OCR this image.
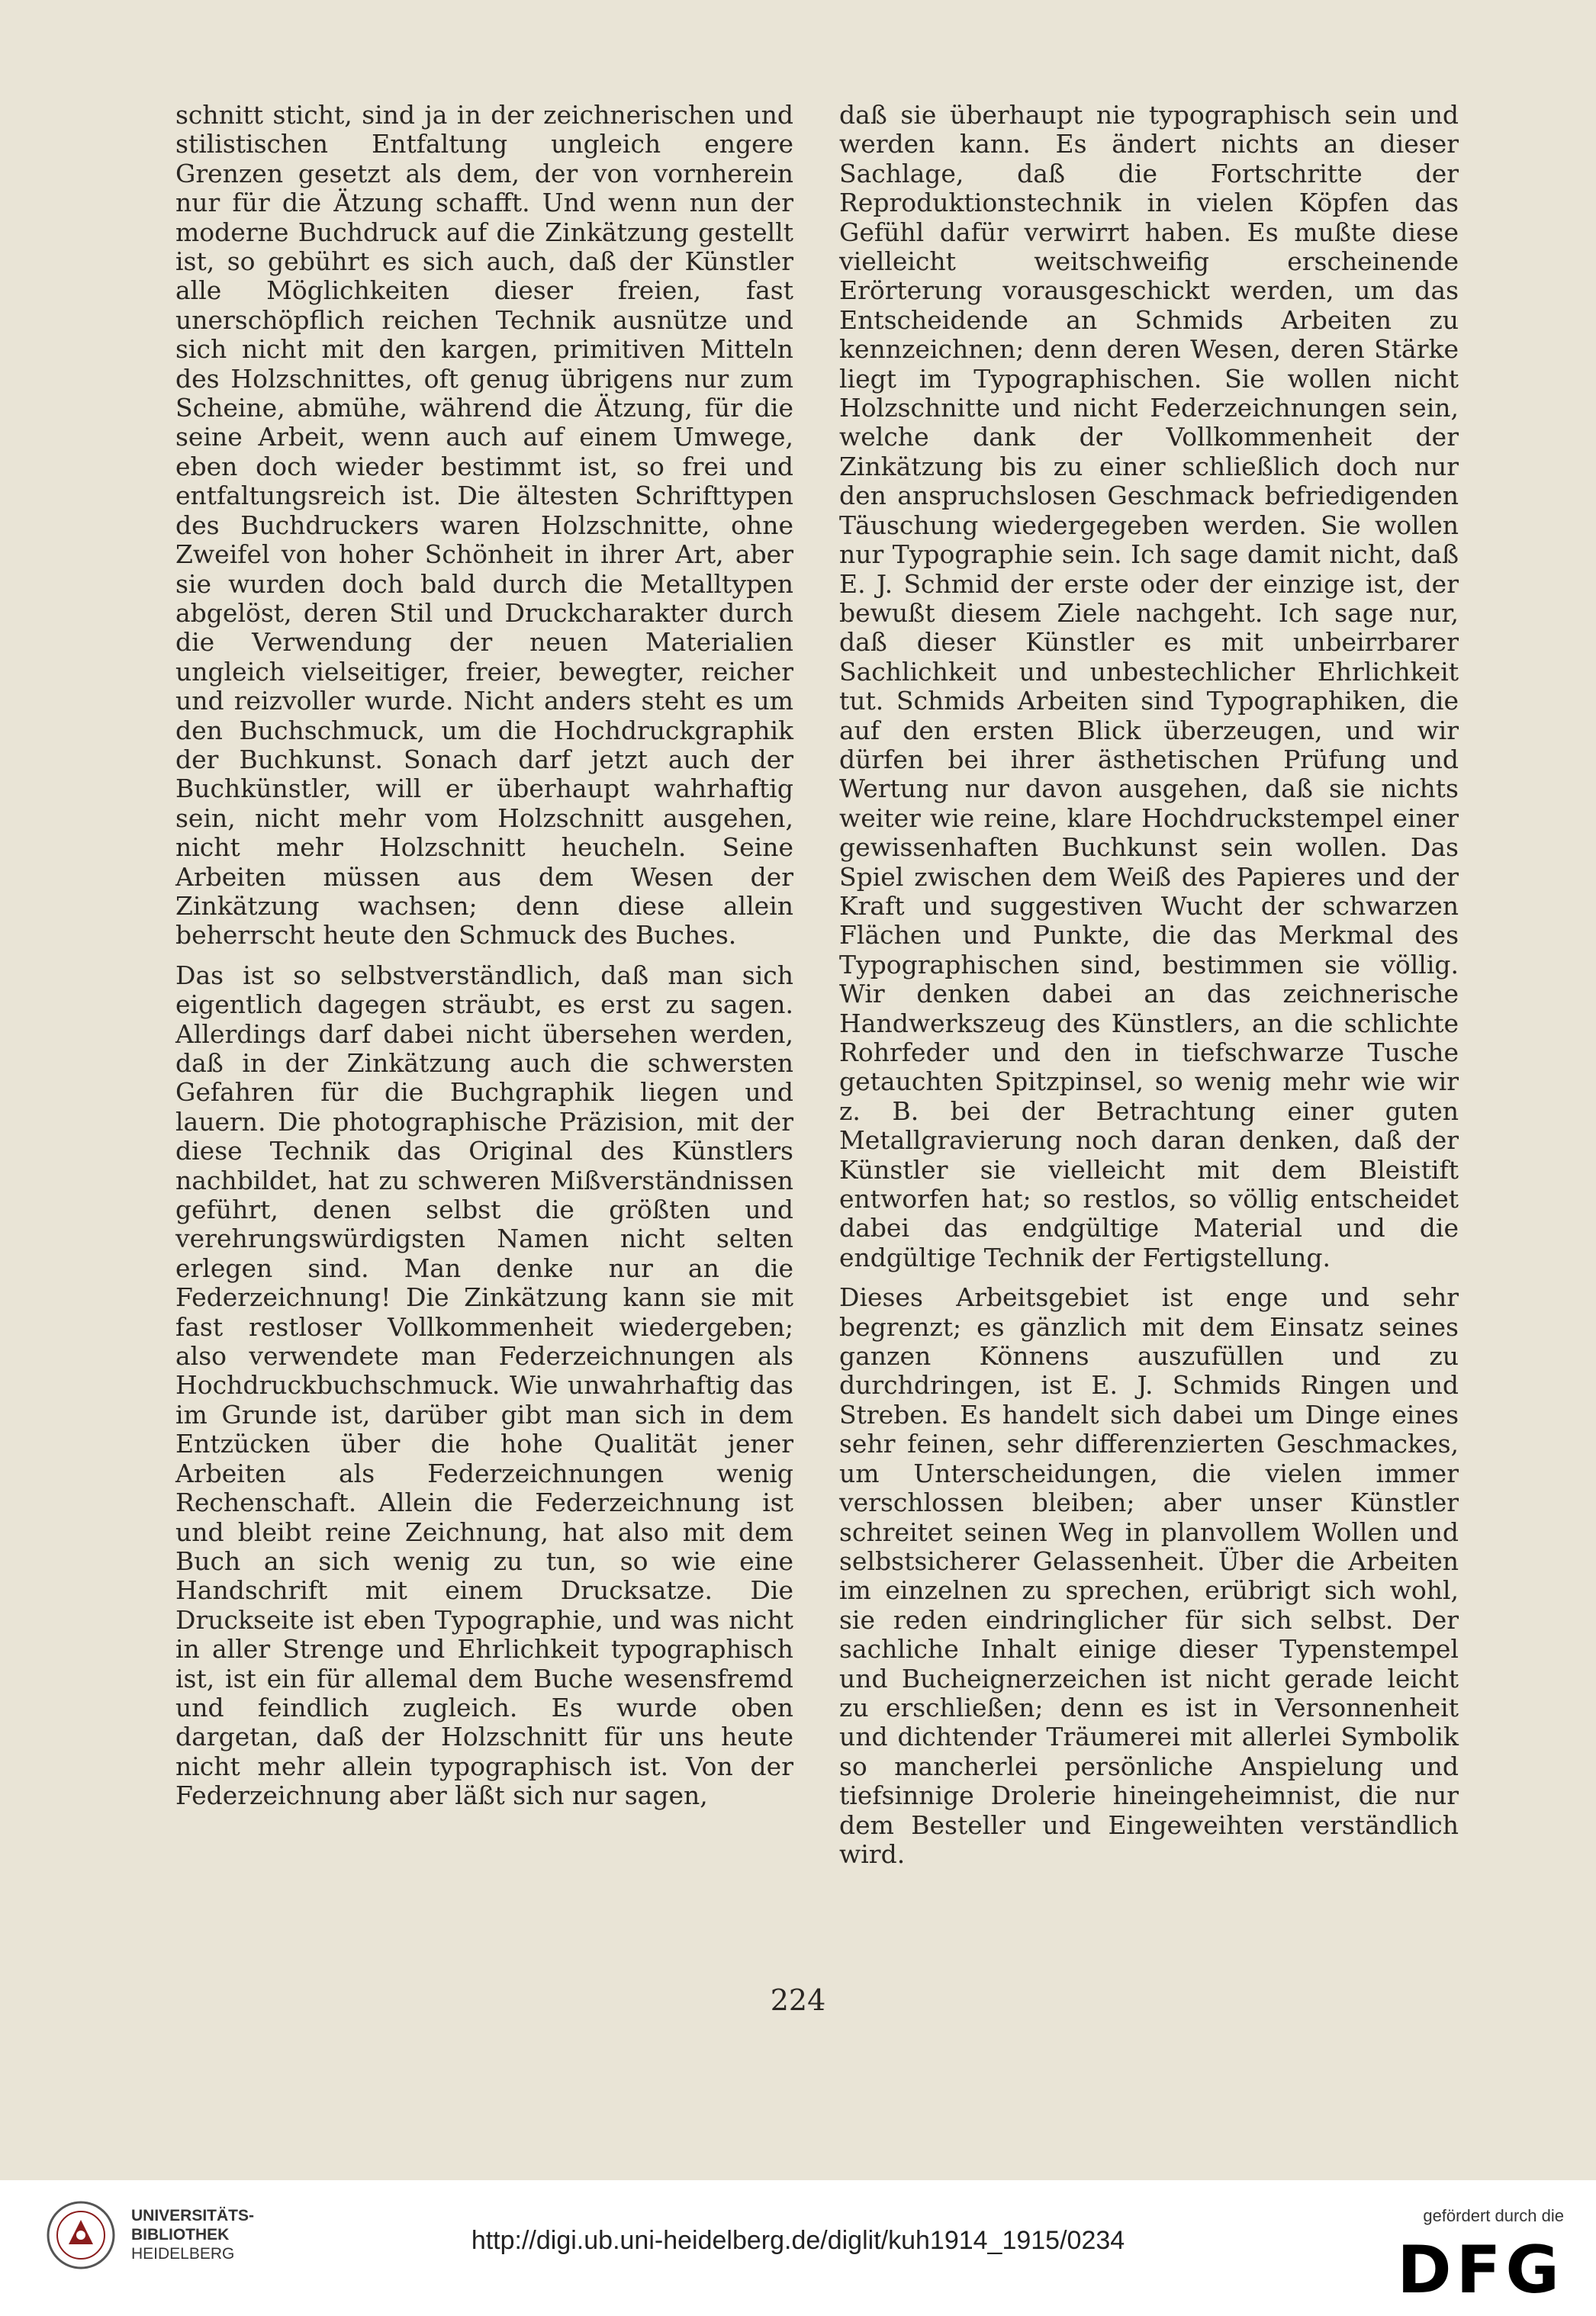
schnitt sticht, sind ja in der zeichnerischen und stilistischen Entfaltung ungleich engere Grenzen gesetzt als dem, der von vornherein nur für die Ätzung schafft. Und wenn nun der moderne Buchdruck auf die Zinkätzung gestellt ist, so gebührt es sich auch, daß der Künstler alle Möglichkeiten dieser freien, fast unerschöpflich reichen Technik ausnütze und sich nicht mit den kargen, primitiven Mitteln des Holzschnittes, oft genug übrigens nur zum Scheine, abmühe, während die Ätzung, für die seine Arbeit, wenn auch auf einem Umwege, eben doch wieder bestimmt ist, so frei und entfaltungsreich ist. Die ältesten Schrifttypen des Buchdruckers waren Holzschnitte, ohne Zweifel von hoher Schönheit in ihrer Art, aber sie wurden doch bald durch die Metalltypen abgelöst, deren Stil und Druckcharakter durch die Verwendung der neuen Materialien ungleich vielseitiger, freier, bewegter, reicher und reizvoller wurde. Nicht anders steht es um den Buchschmuck, um die Hochdruckgraphik der Buchkunst. Sonach darf jetzt auch der Buchkünstler, will er überhaupt wahrhaftig sein, nicht mehr vom Holzschnitt ausgehen, nicht mehr Holzschnitt heucheln. Seine Arbeiten müssen aus dem Wesen der Zinkätzung wachsen; denn diese allein beherrscht heute den Schmuck des Buches.

Das ist so selbstverständlich, daß man sich eigentlich dagegen sträubt, es erst zu sagen. Allerdings darf dabei nicht übersehen werden, daß in der Zinkätzung auch die schwersten Gefahren für die Buchgraphik liegen und lauern. Die photographische Präzision, mit der diese Technik das Original des Künstlers nachbildet, hat zu schweren Mißverständnissen geführt, denen selbst die größten und verehrungswürdigsten Namen nicht selten erlegen sind. Man denke nur an die Federzeichnung! Die Zinkätzung kann sie mit fast restloser Vollkommenheit wiedergeben; also verwendete man Federzeichnungen als Hochdruckbuchschmuck. Wie unwahrhaftig das im Grunde ist, darüber gibt man sich in dem Entzücken über die hohe Qualität jener Arbeiten als Federzeichnungen wenig Rechenschaft. Allein die Federzeichnung ist und bleibt reine Zeichnung, hat also mit dem Buch an sich wenig zu tun, so wie eine Handschrift mit einem Drucksatze. Die Druckseite ist eben Typographie, und was nicht in aller Strenge und Ehrlichkeit typographisch ist, ist ein für allemal dem Buche wesensfremd und feindlich zugleich. Es wurde oben dargetan, daß der Holzschnitt für uns heute nicht mehr allein typographisch ist. Von der Federzeichnung aber läßt sich nur sagen,

daß sie überhaupt nie typographisch sein und werden kann. Es ändert nichts an dieser Sachlage, daß die Fortschritte der Reproduktionstechnik in vielen Köpfen das Gefühl dafür verwirrt haben. Es mußte diese vielleicht weitschweifig erscheinende Erörterung vorausgeschickt werden, um das Entscheidende an Schmids Arbeiten zu kennzeichnen; denn deren Wesen, deren Stärke liegt im Typographischen. Sie wollen nicht Holzschnitte und nicht Federzeichnungen sein, welche dank der Vollkommenheit der Zinkätzung bis zu einer schließlich doch nur den anspruchslosen Geschmack befriedigenden Täuschung wiedergegeben werden. Sie wollen nur Typographie sein. Ich sage damit nicht, daß E. J. Schmid der erste oder der einzige ist, der bewußt diesem Ziele nachgeht. Ich sage nur, daß dieser Künstler es mit unbeirrbarer Sachlichkeit und unbestechlicher Ehrlichkeit tut. Schmids Arbeiten sind Typographiken, die auf den ersten Blick überzeugen, und wir dürfen bei ihrer ästhetischen Prüfung und Wertung nur davon ausgehen, daß sie nichts weiter wie reine, klare Hochdruckstempel einer gewissenhaften Buchkunst sein wollen. Das Spiel zwischen dem Weiß des Papieres und der Kraft und suggestiven Wucht der schwarzen Flächen und Punkte, die das Merkmal des Typographischen sind, bestimmen sie völlig. Wir denken dabei an das zeichnerische Handwerkszeug des Künstlers, an die schlichte Rohrfeder und den in tiefschwarze Tusche getauchten Spitzpinsel, so wenig mehr wie wir z. B. bei der Betrachtung einer guten Metallgravierung noch daran denken, daß der Künstler sie vielleicht mit dem Bleistift entworfen hat; so restlos, so völlig entscheidet dabei das endgültige Material und die endgültige Technik der Fertigstellung.

Dieses Arbeitsgebiet ist enge und sehr begrenzt; es gänzlich mit dem Einsatz seines ganzen Könnens auszufüllen und zu durchdringen, ist E. J. Schmids Ringen und Streben. Es handelt sich dabei um Dinge eines sehr feinen, sehr differenzierten Geschmackes, um Unterscheidungen, die vielen immer verschlossen bleiben; aber unser Künstler schreitet seinen Weg in planvollem Wollen und selbstsicherer Gelassenheit. Über die Arbeiten im einzelnen zu sprechen, erübrigt sich wohl, sie reden eindringlicher für sich selbst. Der sachliche Inhalt einige dieser Typenstempel und Bucheignerzeichen ist nicht gerade leicht zu erschließen; denn es ist in Versonnenheit und dichtender Träumerei mit allerlei Symbolik so mancherlei persönliche Anspielung und tiefsinnige Drolerie hineingeheimnist, die nur dem Besteller und Eingeweihten verständlich wird.

224
UNIVERSITÄTS-
BIBLIOTHEK
HEIDELBERG	http://digi.ub.uni-heidelberg.de/diglit/kuh1914_1915/0234
gefördert durch die
DFG
